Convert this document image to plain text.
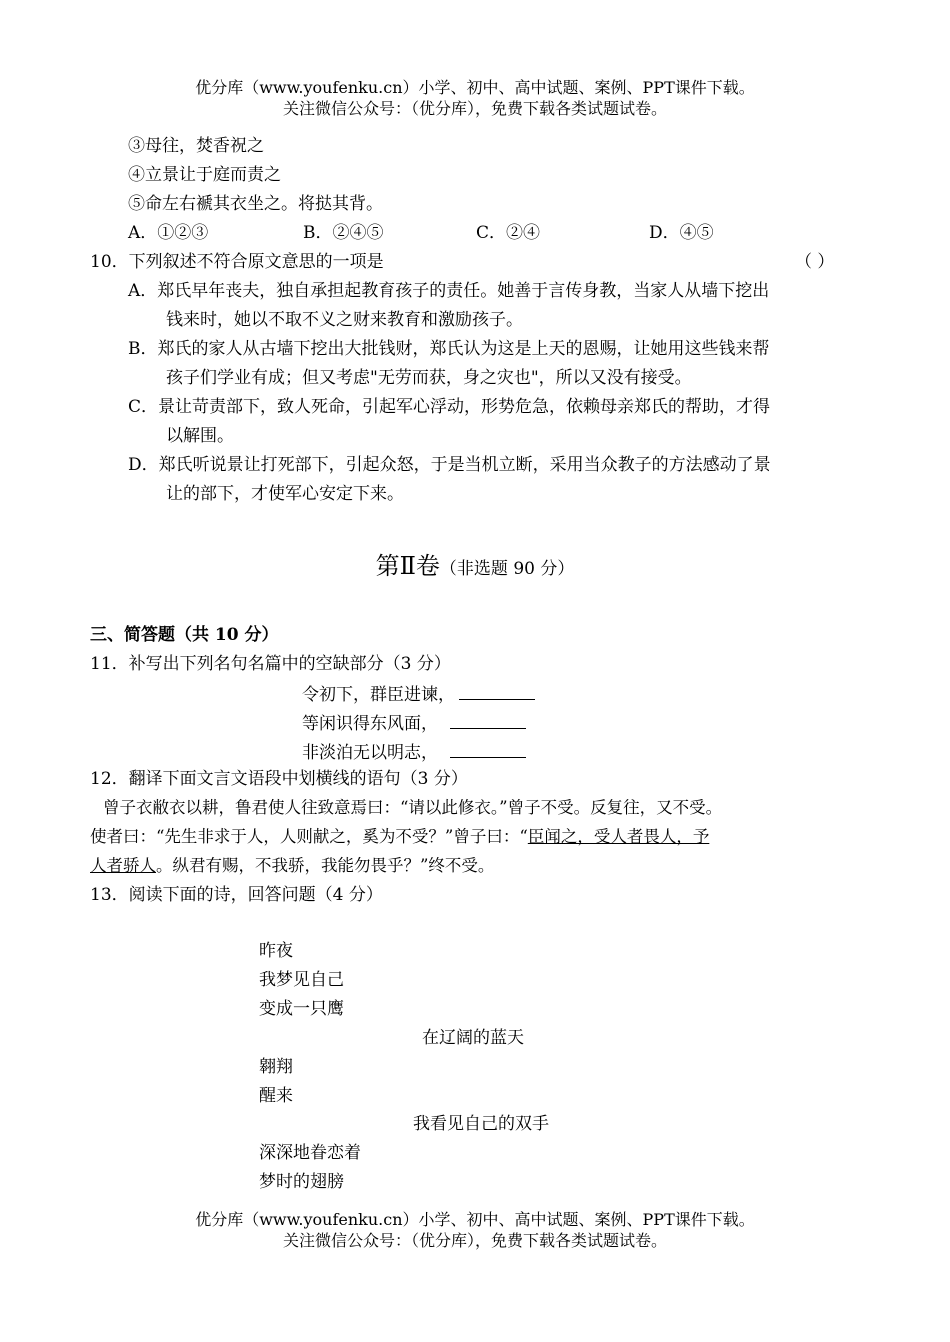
优分库（www.youfenku.cn）小学、初中、高中试题、案例、PPT课件下载。
关注微信公众号：（优分库），免费下载各类试题试卷。
③母往，焚香祝之
④立景让于庭而责之
⑤命左右褫其衣坐之。将挞其背。
A．①②③	B．②④⑤	C．②④	D．④⑤
10．下列叙述不符合原文意思的一项是	（ ）
A．郑氏早年丧夫，独自承担起教育孩子的责任。她善于言传身教，当家人从墙下挖出
钱来时，她以不取不义之财来教育和激励孩子。
B．郑氏的家人从古墙下挖出大批钱财，郑氏认为这是上天的恩赐，让她用这些钱来帮
孩子们学业有成；但又考虑"无劳而获，身之灾也"，所以又没有接受。
C．景让苛责部下，致人死命，引起军心浮动，形势危急，依赖母亲郑氏的帮助，才得
以解围。
D．郑氏听说景让打死部下，引起众怒，于是当机立断，采用当众教子的方法感动了景
让的部下，才使军心安定下来。
第Ⅱ卷（非选题 90 分）
三、简答题（共 10 分）
11．补写出下列名句名篇中的空缺部分（3 分）
令初下，群臣进谏，
等闲识得东风面，
非淡泊无以明志，
12．翻译下面文言文语段中划横线的语句（3 分）
曾子衣敝衣以耕，鲁君使人往致意焉曰：“请以此修衣。”曾子不受。反复往，又不受。
使者曰：“先生非求于人，人则献之，奚为不受？”曾子曰：“臣闻之，受人者畏人，予
人者骄人。纵君有赐，不我骄，我能勿畏乎？”终不受。
13．阅读下面的诗，回答问题（4 分）
昨夜
我梦见自己
变成一只鹰
在辽阔的蓝天
翱翔
醒来
我看见自己的双手
深深地眷恋着
梦时的翅膀
优分库（www.youfenku.cn）小学、初中、高中试题、案例、PPT课件下载。
关注微信公众号：（优分库），免费下载各类试题试卷。
